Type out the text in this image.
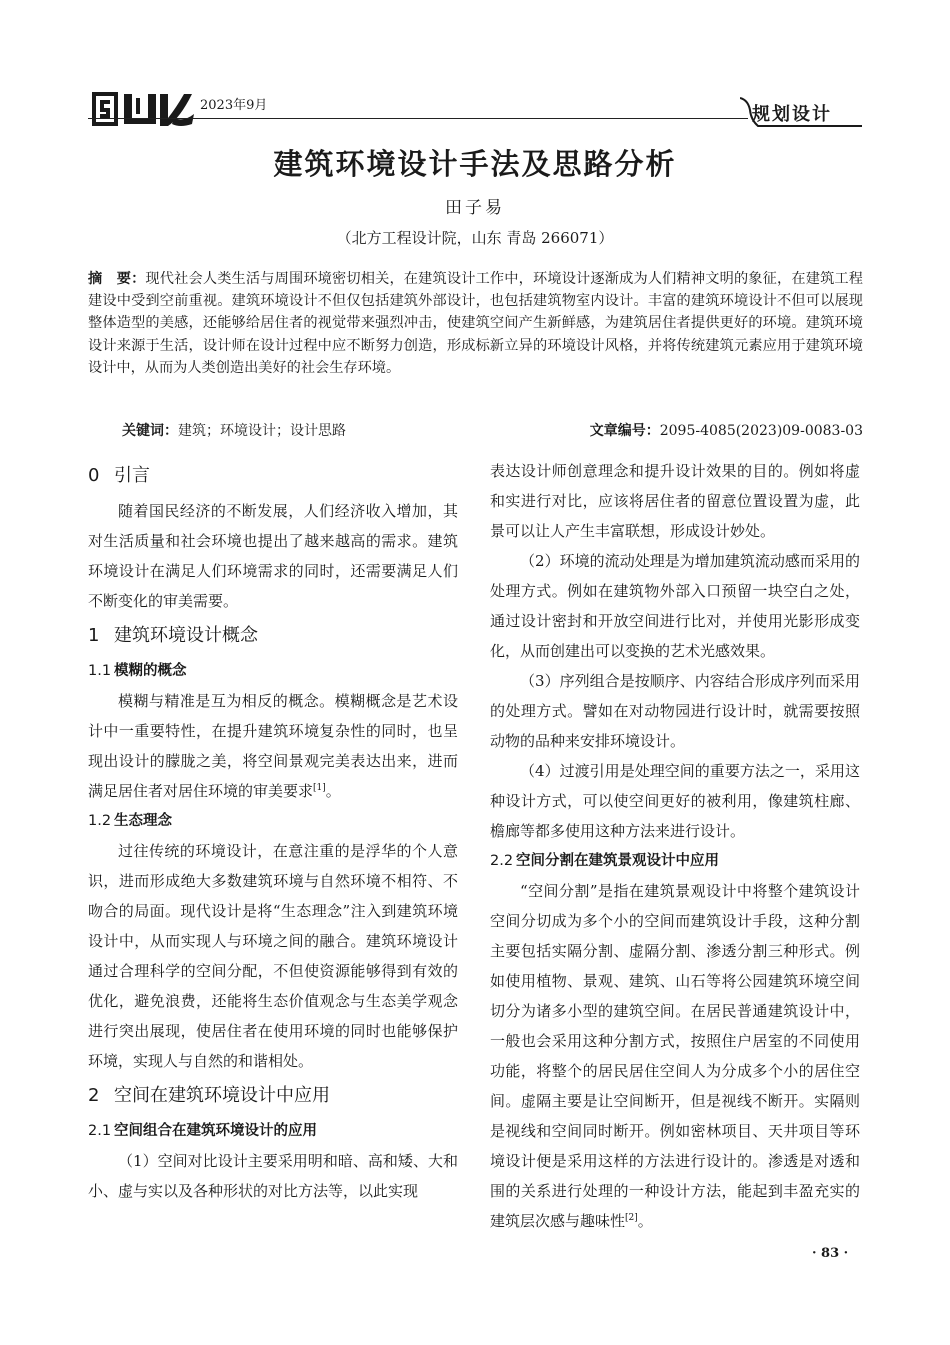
2023年9月	规划设计
建筑环境设计手法及思路分析
田子易
（北方工程设计院，山东 青岛 266071）
摘　要：现代社会人类生活与周围环境密切相关，在建筑设计工作中，环境设计逐渐成为人们精神文明的象征，在建筑工程建设中受到空前重视。建筑环境设计不但仅包括建筑外部设计，也包括建筑物室内设计。丰富的建筑环境设计不但可以展现整体造型的美感，还能够给居住者的视觉带来强烈冲击，使建筑空间产生新鲜感，为建筑居住者提供更好的环境。建筑环境设计来源于生活，设计师在设计过程中应不断努力创造，形成标新立异的环境设计风格，并将传统建筑元素应用于建筑环境设计中，从而为人类创造出美好的社会生存环境。
关键词：建筑；环境设计；设计思路	文章编号：2095-4085(2023)09-0083-03
0 引言

随着国民经济的不断发展，人们经济收入增加，其对生活质量和社会环境也提出了越来越高的需求。建筑环境设计在满足人们环境需求的同时，还需要满足人们不断变化的审美需要。

1 建筑环境设计概念
1.1 模糊的概念

模糊与精准是互为相反的概念。模糊概念是艺术设计中一重要特性，在提升建筑环境复杂性的同时，也呈现出设计的朦胧之美，将空间景观完美表达出来，进而满足居住者对居住环境的审美要求[1]。

1.2 生态理念

过往传统的环境设计，在意注重的是浮华的个人意识，进而形成绝大多数建筑环境与自然环境不相符、不吻合的局面。现代设计是将“生态理念”注入到建筑环境设计中，从而实现人与环境之间的融合。建筑环境设计通过合理科学的空间分配，不但使资源能够得到有效的优化，避免浪费，还能将生态价值观念与生态美学观念进行突出展现，使居住者在使用环境的同时也能够保护环境，实现人与自然的和谐相处。

2 空间在建筑环境设计中应用
2.1 空间组合在建筑环境设计的应用

（1）空间对比设计主要采用明和暗、高和矮、大和小、虚与实以及各种形状的对比方法等，以此实现

表达设计师创意理念和提升设计效果的目的。例如将虚和实进行对比，应该将居住者的留意位置设置为虚，此景可以让人产生丰富联想，形成设计妙处。

（2）环境的流动处理是为增加建筑流动感而采用的处理方式。例如在建筑物外部入口预留一块空白之处，通过设计密封和开放空间进行比对，并使用光影形成变化，从而创建出可以变换的艺术光感效果。

（3）序列组合是按顺序、内容结合形成序列而采用的处理方式。譬如在对动物园进行设计时，就需要按照动物的品种来安排环境设计。

（4）过渡引用是处理空间的重要方法之一，采用这种设计方式，可以使空间更好的被利用，像建筑柱廊、檐廊等都多使用这种方法来进行设计。

2.2 空间分割在建筑景观设计中应用

“空间分割”是指在建筑景观设计中将整个建筑设计空间分切成为多个小的空间而建筑设计手段，这种分割主要包括实隔分割、虚隔分割、渗透分割三种形式。例如使用植物、景观、建筑、山石等将公园建筑环境空间切分为诸多小型的建筑空间。在居民普通建筑设计中，一般也会采用这种分割方式，按照住户居室的不同使用功能，将整个的居民居住空间人为分成多个小的居住空间。虚隔主要是让空间断开，但是视线不断开。实隔则是视线和空间同时断开。例如密林项目、天井项目等环境设计便是采用这样的方法进行设计的。渗透是对透和围的关系进行处理的一种设计方法，能起到丰盈充实的建筑层次感与趣味性[2]。

· 83 ·
